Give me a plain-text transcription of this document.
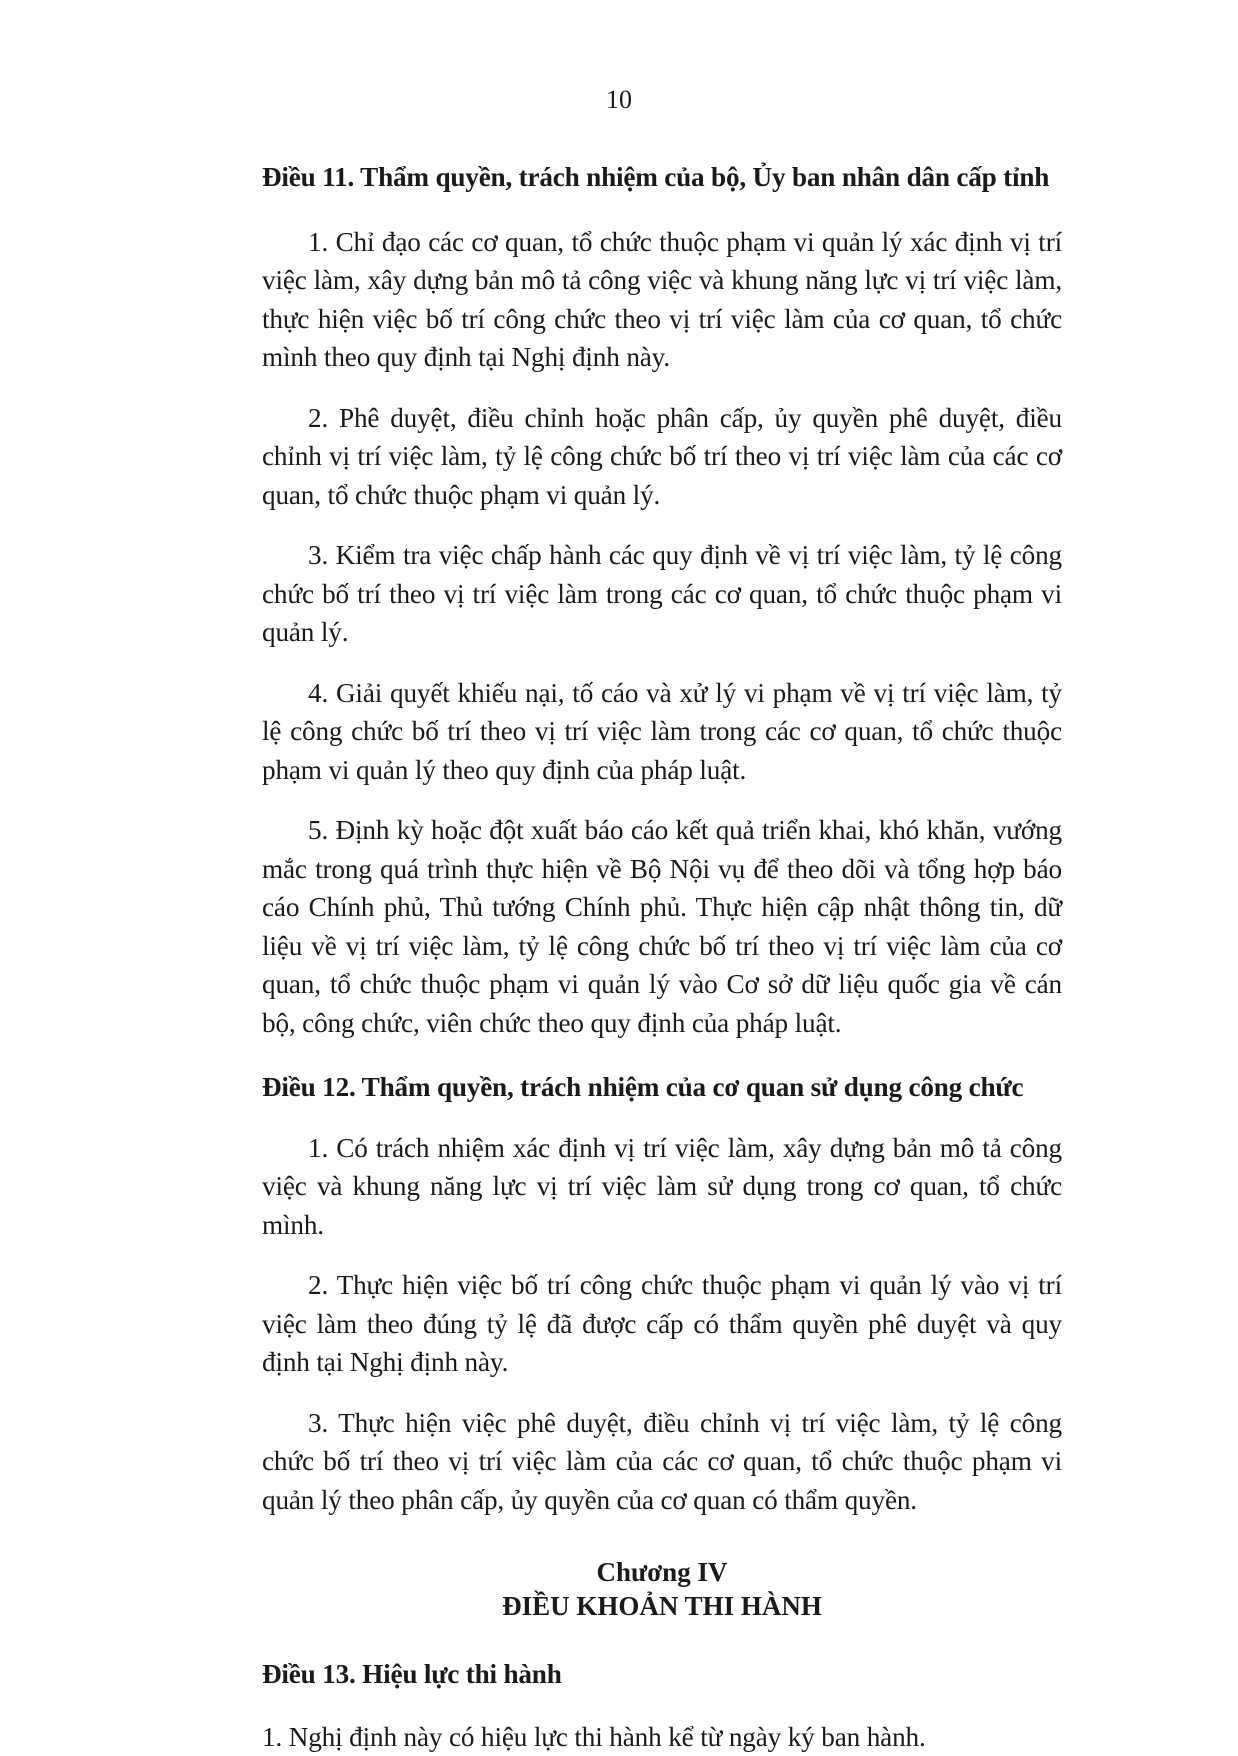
10
Điều 11. Thẩm quyền, trách nhiệm của bộ, Ủy ban nhân dân cấp tỉnh

1. Chỉ đạo các cơ quan, tổ chức thuộc phạm vi quản lý xác định vị trí việc làm, xây dựng bản mô tả công việc và khung năng lực vị trí việc làm, thực hiện việc bố trí công chức theo vị trí việc làm của cơ quan, tổ chức mình theo quy định tại Nghị định này.

2. Phê duyệt, điều chỉnh hoặc phân cấp, ủy quyền phê duyệt, điều chỉnh vị trí việc làm, tỷ lệ công chức bố trí theo vị trí việc làm của các cơ quan, tổ chức thuộc phạm vi quản lý.

3. Kiểm tra việc chấp hành các quy định về vị trí việc làm, tỷ lệ công chức bố trí theo vị trí việc làm trong các cơ quan, tổ chức thuộc phạm vi quản lý.

4. Giải quyết khiếu nại, tố cáo và xử lý vi phạm về vị trí việc làm, tỷ lệ công chức bố trí theo vị trí việc làm trong các cơ quan, tổ chức thuộc phạm vi quản lý theo quy định của pháp luật.

5. Định kỳ hoặc đột xuất báo cáo kết quả triển khai, khó khăn, vướng mắc trong quá trình thực hiện về Bộ Nội vụ để theo dõi và tổng hợp báo cáo Chính phủ, Thủ tướng Chính phủ. Thực hiện cập nhật thông tin, dữ liệu về vị trí việc làm, tỷ lệ công chức bố trí theo vị trí việc làm của cơ quan, tổ chức thuộc phạm vi quản lý vào Cơ sở dữ liệu quốc gia về cán bộ, công chức, viên chức theo quy định của pháp luật.

Điều 12. Thẩm quyền, trách nhiệm của cơ quan sử dụng công chức

1. Có trách nhiệm xác định vị trí việc làm, xây dựng bản mô tả công việc và khung năng lực vị trí việc làm sử dụng trong cơ quan, tổ chức mình.

2. Thực hiện việc bố trí công chức thuộc phạm vi quản lý vào vị trí việc làm theo đúng tỷ lệ đã được cấp có thẩm quyền phê duyệt và quy định tại Nghị định này.

3. Thực hiện việc phê duyệt, điều chỉnh vị trí việc làm, tỷ lệ công chức bố trí theo vị trí việc làm của các cơ quan, tổ chức thuộc phạm vi quản lý theo phân cấp, ủy quyền của cơ quan có thẩm quyền.

Chương IV
ĐIỀU KHOẢN THI HÀNH
Điều 13. Hiệu lực thi hành

1. Nghị định này có hiệu lực thi hành kể từ ngày ký ban hành.
